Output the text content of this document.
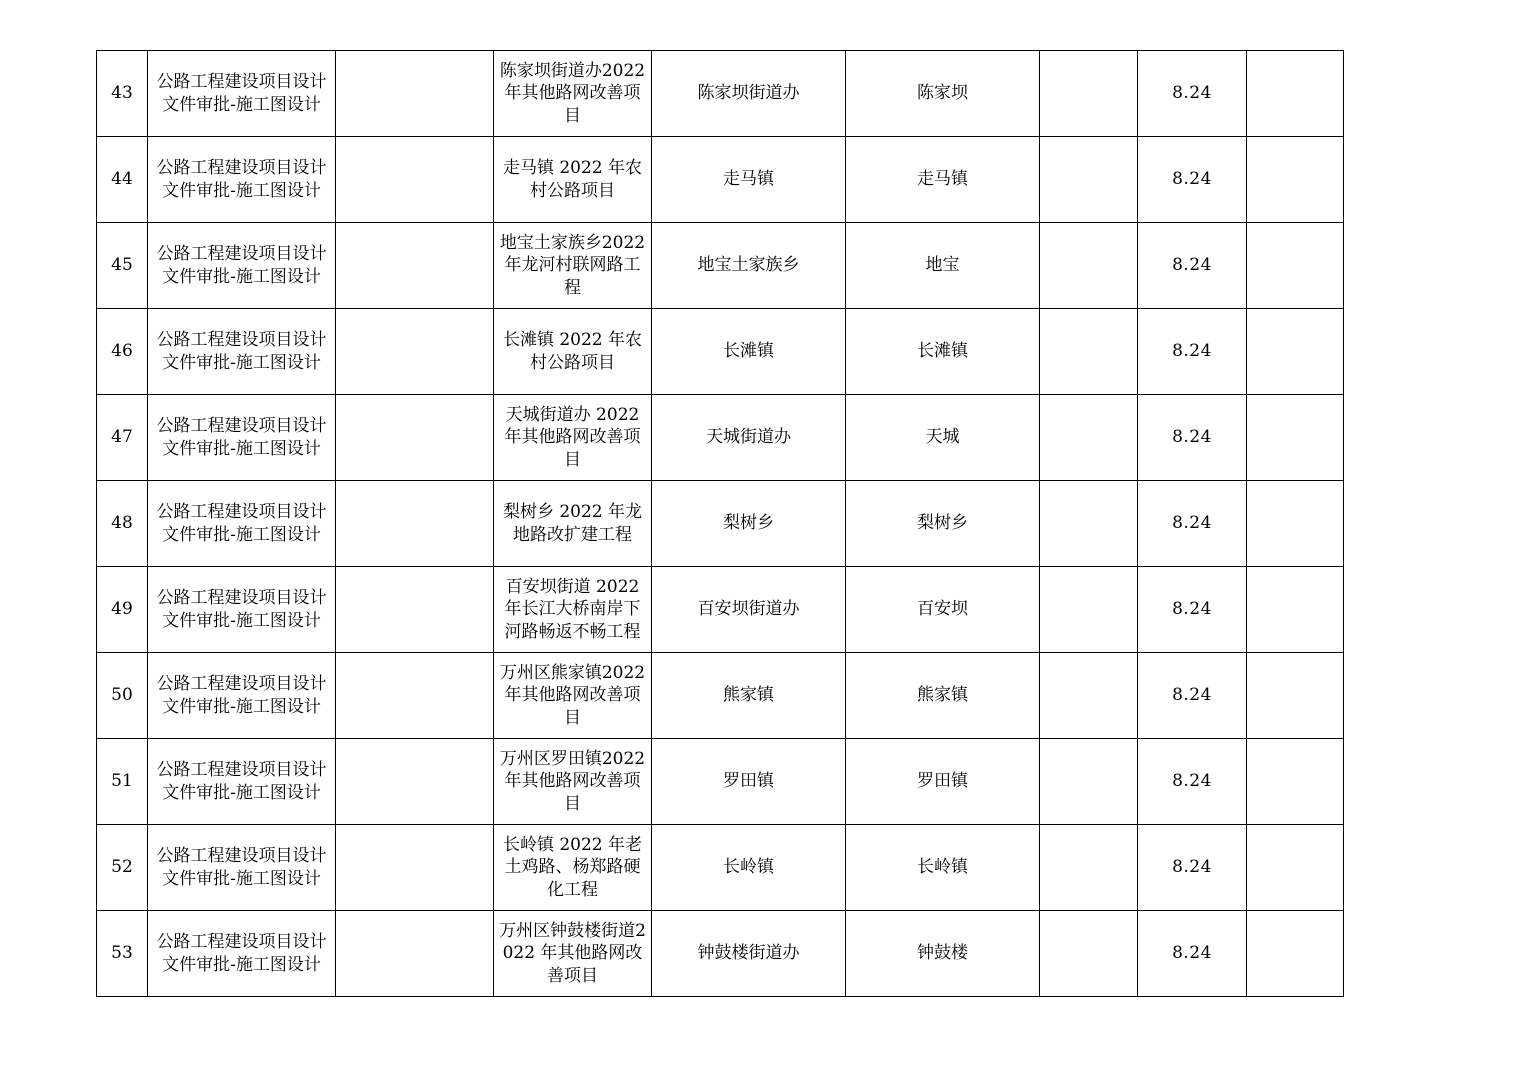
43	公路工程建设项目设计文件审批-施工图设计		陈家坝街道办2022 年其他路网改善项目	陈家坝街道办	陈家坝		8.24	
44	公路工程建设项目设计文件审批-施工图设计		走马镇 2022 年农村公路项目	走马镇	走马镇		8.24	
45	公路工程建设项目设计文件审批-施工图设计		地宝土家族乡2022年龙河村联网路工程	地宝土家族乡	地宝		8.24	
46	公路工程建设项目设计文件审批-施工图设计		长滩镇 2022 年农村公路项目	长滩镇	长滩镇		8.24	
47	公路工程建设项目设计文件审批-施工图设计		天城街道办 2022 年其他路网改善项目	天城街道办	天城		8.24	
48	公路工程建设项目设计文件审批-施工图设计		梨树乡 2022 年龙地路改扩建工程	梨树乡	梨树乡		8.24	
49	公路工程建设项目设计文件审批-施工图设计		百安坝街道 2022 年长江大桥南岸下河路畅返不畅工程	百安坝街道办	百安坝		8.24	
50	公路工程建设项目设计文件审批-施工图设计		万州区熊家镇2022 年其他路网改善项目	熊家镇	熊家镇		8.24	
51	公路工程建设项目设计文件审批-施工图设计		万州区罗田镇2022 年其他路网改善项目	罗田镇	罗田镇		8.24	
52	公路工程建设项目设计文件审批-施工图设计		长岭镇 2022 年老土鸡路、杨郑路硬化工程	长岭镇	长岭镇		8.24	
53	公路工程建设项目设计文件审批-施工图设计		万州区钟鼓楼街道2022 年其他路网改善项目	钟鼓楼街道办	钟鼓楼		8.24	
